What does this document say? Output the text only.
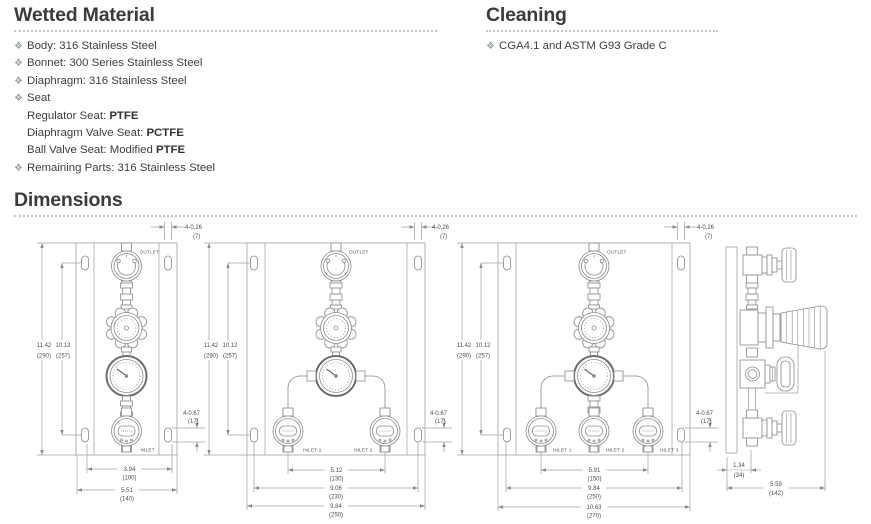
Wetted Material
❖ Body: 316 Stainless Steel
❖ Bonnet: 300 Series Stainless Steel
❖ Diaphragm: 316 Stainless Steel
❖ Seat
Regulator Seat: PTFE
Diaphragm Valve Seat: PCTFE
Ball Valve Seat: Modified PTFE
❖ Remaining Parts: 316 Stainless Steel
Cleaning
❖ CGA4.1 and ASTM G93 Grade C
Dimensions
INLET
OUTLET
11.42 10.12
(290) (257)
4-0.26
(7)
4-0.67
(17)
3.94
(100)
5.51
(140)
INLET 1	INLET 2
OUTLET
11.42 10.12
(290) (257)
4-0.26
(7)
4-0.67
(17)
5.12
(130)
9.06
(230)
9.84
(250)
INLET 1	INLET 2	INLET 3
OUTLET
11.42 10.12
(290) (257)
4-0.26
(7)
4-0.67
(17)
5.91
(150)
9.84
(250)
10.63
(270)
1.34
(34)
5.59
(142)
